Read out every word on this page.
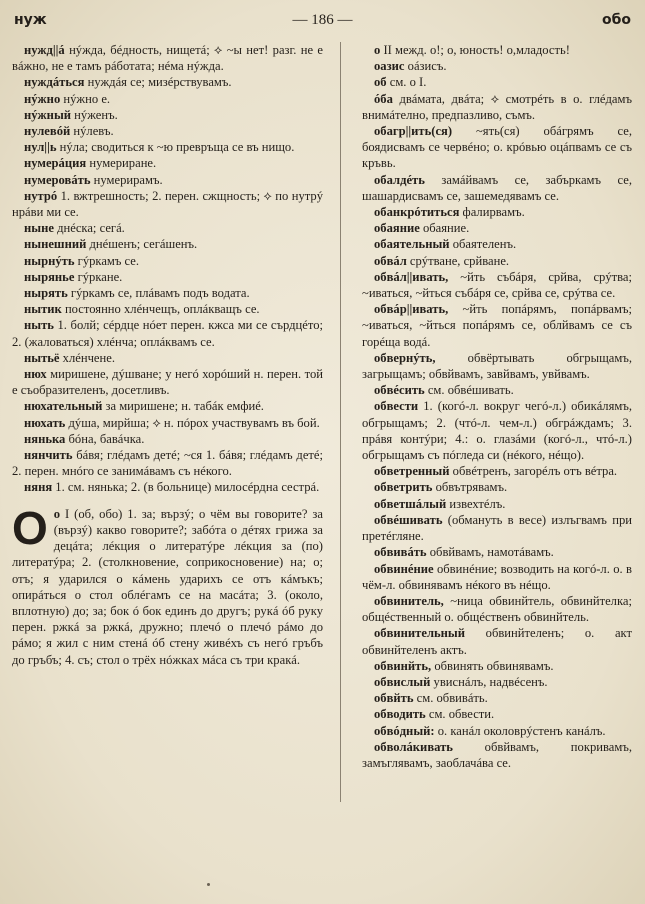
нуж	— 186 —	обо

нужд||á нýжда, бéдность, нищетá; ⟡ ~ы нет! разг. не е вáжно, не е тамъ рáботата; нéма нýжда.

нуждáться нуждáя се; мизéрствувамъ.

нýжно нýжно е.

нýжный нýженъ.

нулевóй нýлевъ.

нул||ь нýла; сводиться к ~ю превръща се въ нищо.

нумерáция нумериране.

нумеровáть нумерирамъ.

нутрó 1. вжтрешность; 2. перен. сжщность; ⟡ по нутрý нрáви ми се.

нынe днéска; сегá.

нынешний днéшенъ; сегáшенъ.

нырнýть гýркамъ се.

ныряньe гýркане.

нырять гýркамъ се, плáвамъ подъ водата.

нытик постоянно хлéнчещъ, оплáкващъ се.

ныть 1. болй; сéрдце нóет перен. кжса ми се сърдцéто; 2. (жаловаться) хлéнча; оплáквамъ се.

нытьё хлéнчене.

нюх миришене, дýшване; у негó хорóший н. перен. той е съобразителенъ, досетливъ.

нюхательный за миришене; н. табáк емфиé.

нюхать дýша, мирйша; ⟡ н. пóрох участвувамъ въ бой.

нянька бóна, бавáчка.

нянчить бáвя; глéдамъ детé; ~ся 1. бáвя; глéдамъ детé; 2. перен. мнóго се занимáвамъ съ нéкого.

няня 1. см. нянька; 2. (в больнице) милосéрдна сестрá.

О о I (об, обо) 1. за; вързý; о чём вы говорите? за (вързý) какво говорите?; забóта о дéтях грижа за децáта; лéкция о литератýре лéкция за (по) литератýра; 2. (столкновение, соприкосновение) на; о; отъ; я ударился о кáмень ударихъ се отъ кáмъкъ; опирáться о стол облéгамъ се на масáта; 3. (около, вплотную) до; за; бок ó бок единъ до другъ; рукá óб руку перен. ржкá за ржкá, дружно; плечó о плечó рáмо до рáмо; я жил с ним стенá óб стену живéхъ съ негó гръбъ до гръбъ; 4. съ; стол о трёх нóжках мáса съ три кракá.

о II межд. о!; о, юность! о,младость!

оазис оáзисъ.

об см. о I.

óба двáмата, двáта; ⟡ смотрéть в о. глéдамъ внимáтелно, предпазливо, съмъ.

обагр||ить(ся) ~ять(ся) обáгрямъ се, боядисвамъ се червéно; о. крóвью оцáпвамъ се съ кръвь.

обалдéть замáйвамъ се, забъркамъ се, шашардисвамъ се, зашемедявамъ се.

обанкрóтиться фалирвамъ.

обаяние обаяние.

обаятельный обаятеленъ.

обвáл срýтване, срйване.

обвáл||ивать, ~йть събáря, срйва, срýтва; ~иваться, ~йться събáря се, срйва се, срýтва се.

обвáр||ивать, ~йть попáрямъ, попáрвамъ; ~иваться, ~йться попáрямъ се, облйвамъ се съ горéща водá.

обвернýть, обвёртывать обгрыщамъ, загрыщамъ; обвйвамъ, завйвамъ, увйвамъ.

обвéсить см. обвéшивать.

обвести 1. (когó-л. вокруг чегó-л.) обикáлямъ, обгрыщамъ; 2. (чтó-л. чем-л.) обгрáждамъ; 3. прáвя контýри; 4.: о. глазáми (когó-л., чтó-л.) обгрыщамъ съ пóгледа си (нéкого, нéщо).

обветренный обвéтренъ, загорéлъ отъ вéтра.

обветрить обвътрявамъ.

обветшáлый извехтéлъ.

обвéшивать (обмануть в весе) излъгвамъ при претéгляне.

обвивáть обвйвамъ, намотáвамъ.

обвинéние обвинéние; возводить на когó-л. о. в чём-л. обвинявамъ нéкого въ нéщо.

обвинитель, ~ница обвинйтель, обвинйтелка; общéственный о. общéственъ обвинйтель.

обвинительный обвинйтеленъ; о. акт обвинйтеленъ актъ.

обвинйть, обвинять обвинявамъ.

обвислый увиснáлъ, надвéсенъ.

обвйть см. обвивáть.

обводить см. обвести.

обвóдный: о. канáл околоврýстенъ канáлъ.

обволáкивать обвйвамъ, покривамъ, замъглявамъ, заоблачáва се.
